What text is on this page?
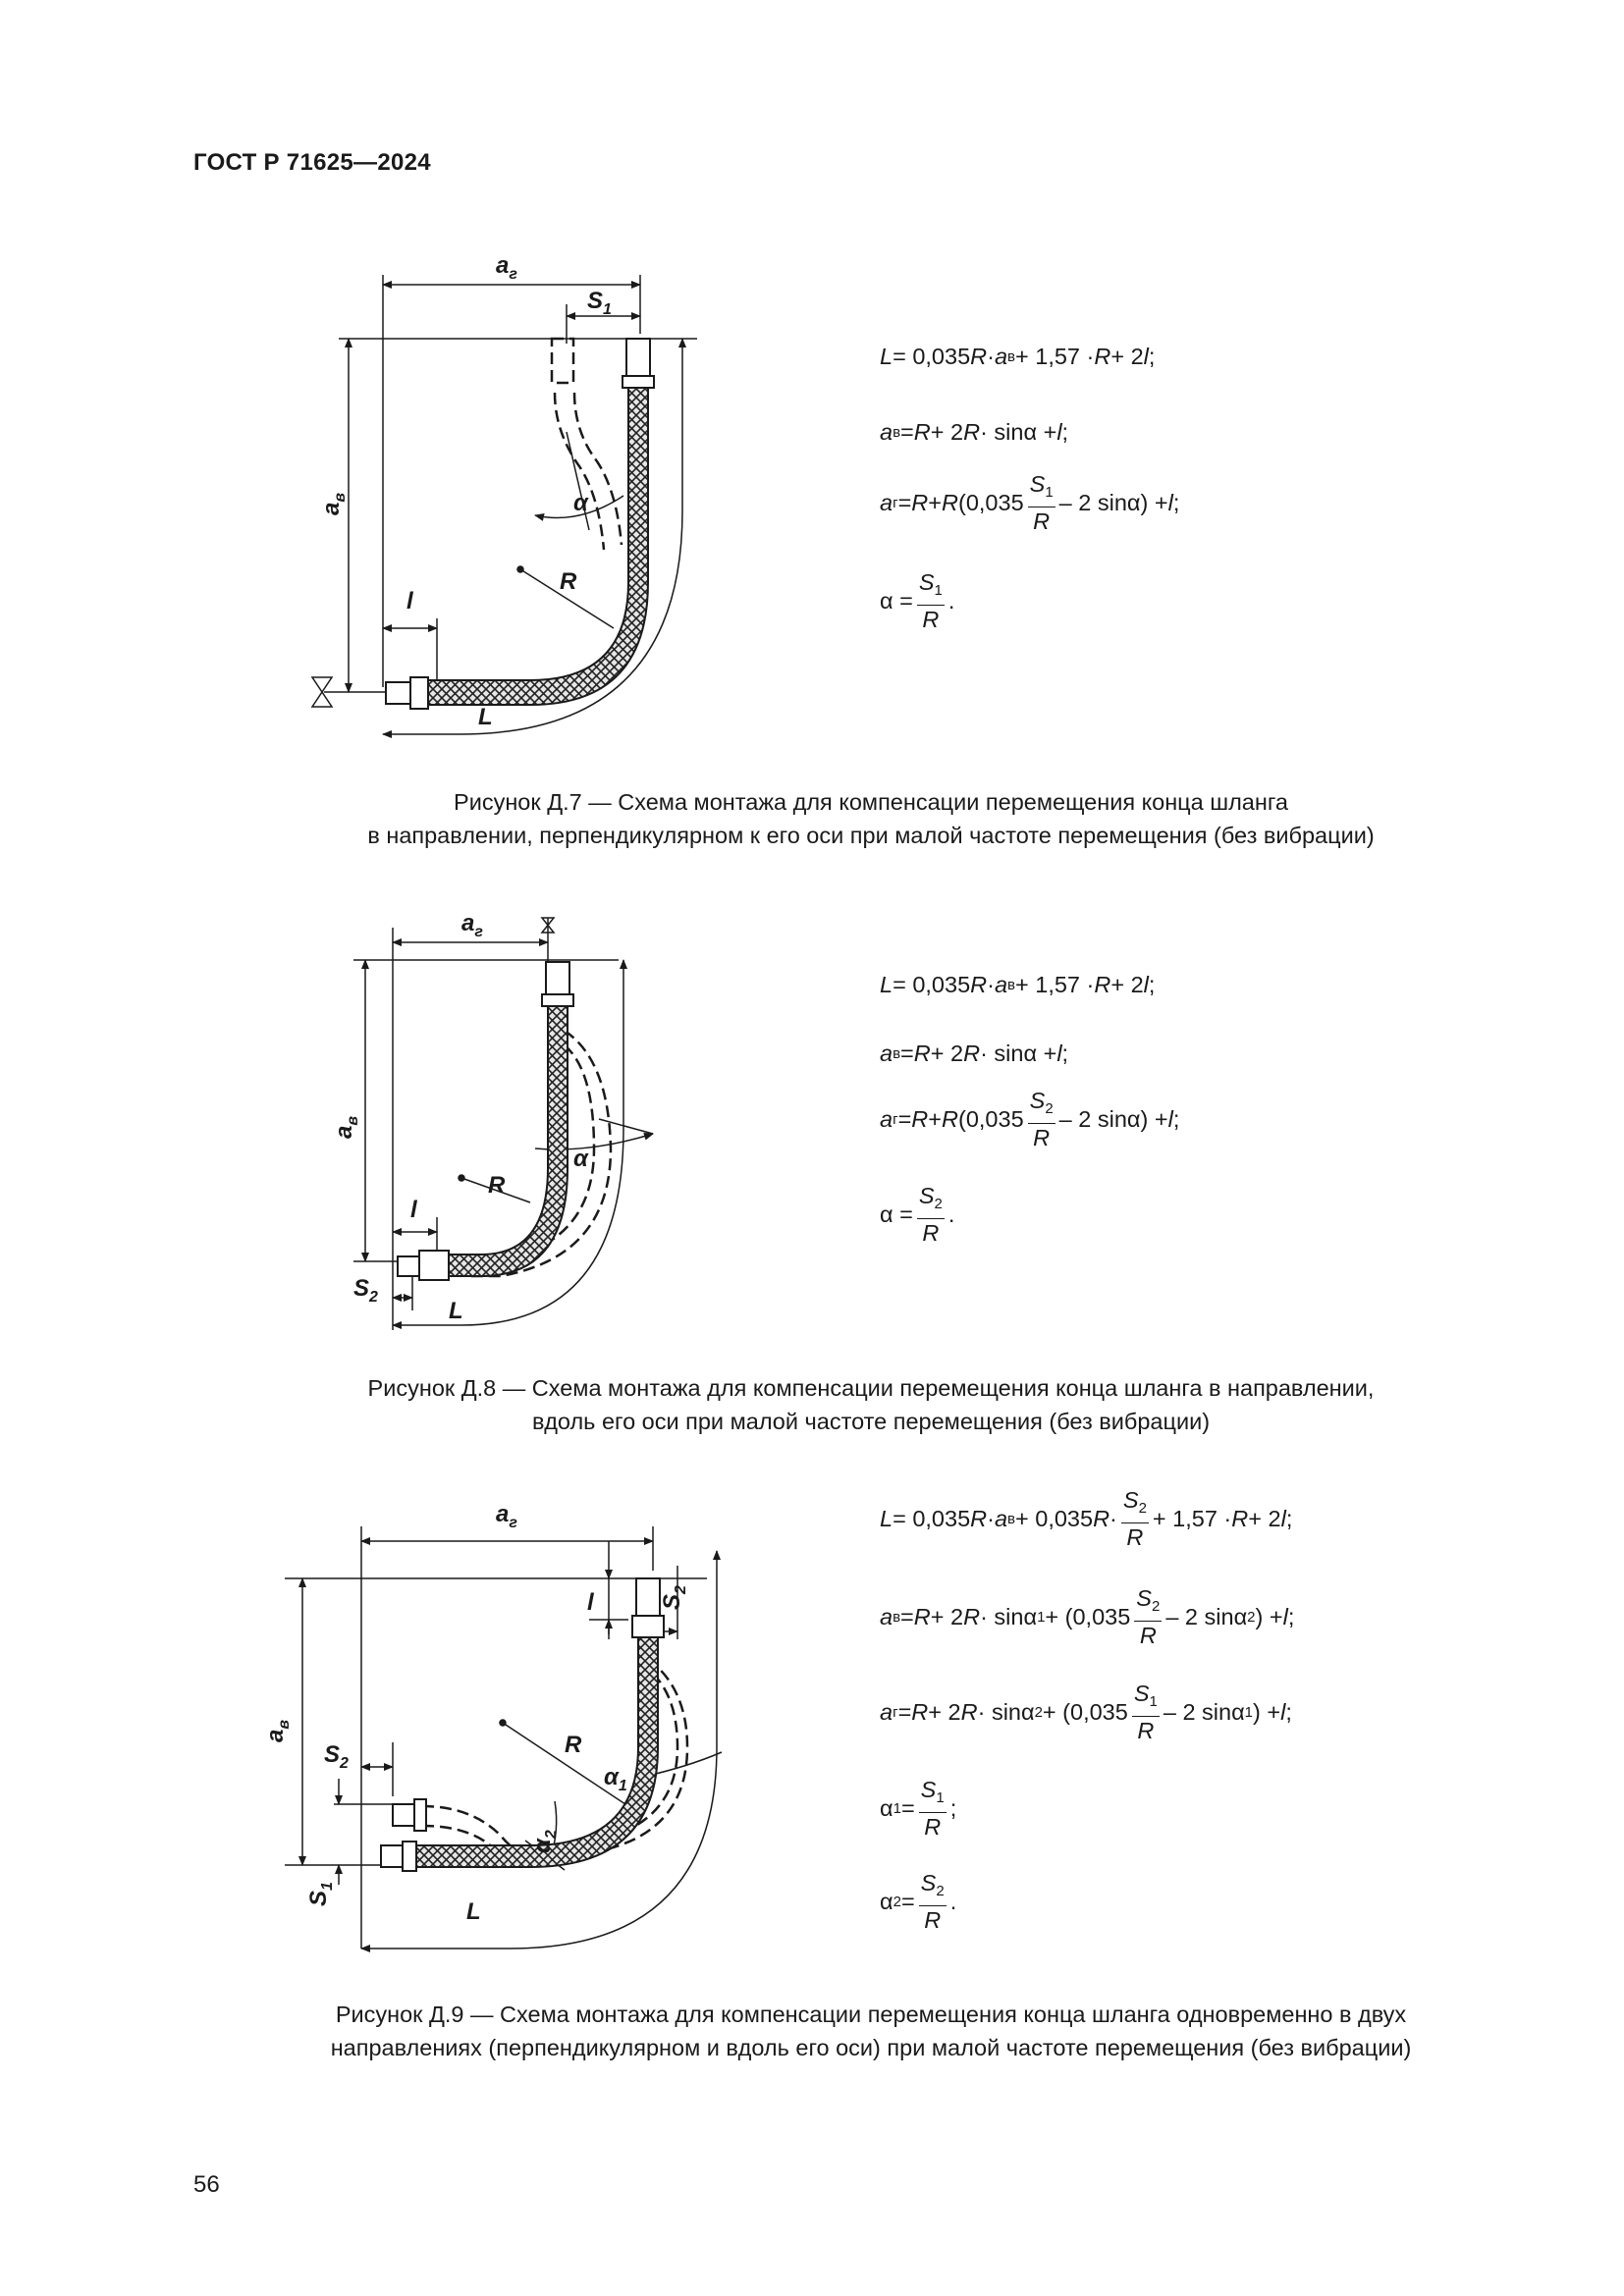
ГОСТ Р 71625—2024
$a_г$
$S_1$
$a_в$	α
R
l
L
L = 0,035 R · a в + 1,57 · R + 2 l ;
a в = R + 2 R · sinα + l ;
a г = R + R ($0,035 \frac{S_1}{R} - 2$ sinα) + l ;
$\alpha = \frac{S_1}{R}$ .
Рисунок Д.7 — Схема монтажа для компенсации перемещения конца шланга
в направлении, перпендикулярном к его оси при малой частоте перемещения (без вибрации)
$a_г$
$a_в$
α
R
l
$S_2$
L
L = 0,035 R · a в + 1,57 · R + 2 l ;
a в = R + 2 R · sinα + l ;
a г = R + R ($0,035 \frac{S_2}{R} - 2$ sinα) + l ;
$\alpha = \frac{S_2}{R}$ .
Рисунок Д.8 — Схема монтажа для компенсации перемещения конца шланга в направлении,
вдоль его оси при малой частоте перемещения (без вибрации)
$a_г$
$a_в$
l	$S_2$
$S_2$
R
$\alpha_1$
$\alpha_2$
$S_1$
L
L = 0,035 R · a в + 0,035 $R \cdot \frac{S_2}{R} + 1,57 \cdot R + 2$ l ;
a в = R + 2 R · sinα $1 + (0,035 \frac{S_2}{R} - 2$ sinα 2 ) + l ;
a г = R + 2 R · sinα $2 + (0,035 \frac{S_1}{R} - 2$ sinα 1 ) + l ;
α $1 = \frac{S_1}{R}$ ;
α $2 = \frac{S_2}{R}$ .
Рисунок Д.9 — Схема монтажа для компенсации перемещения конца шланга одновременно в двух
направлениях (перпендикулярном и вдоль его оси) при малой частоте перемещения (без вибрации)
56
